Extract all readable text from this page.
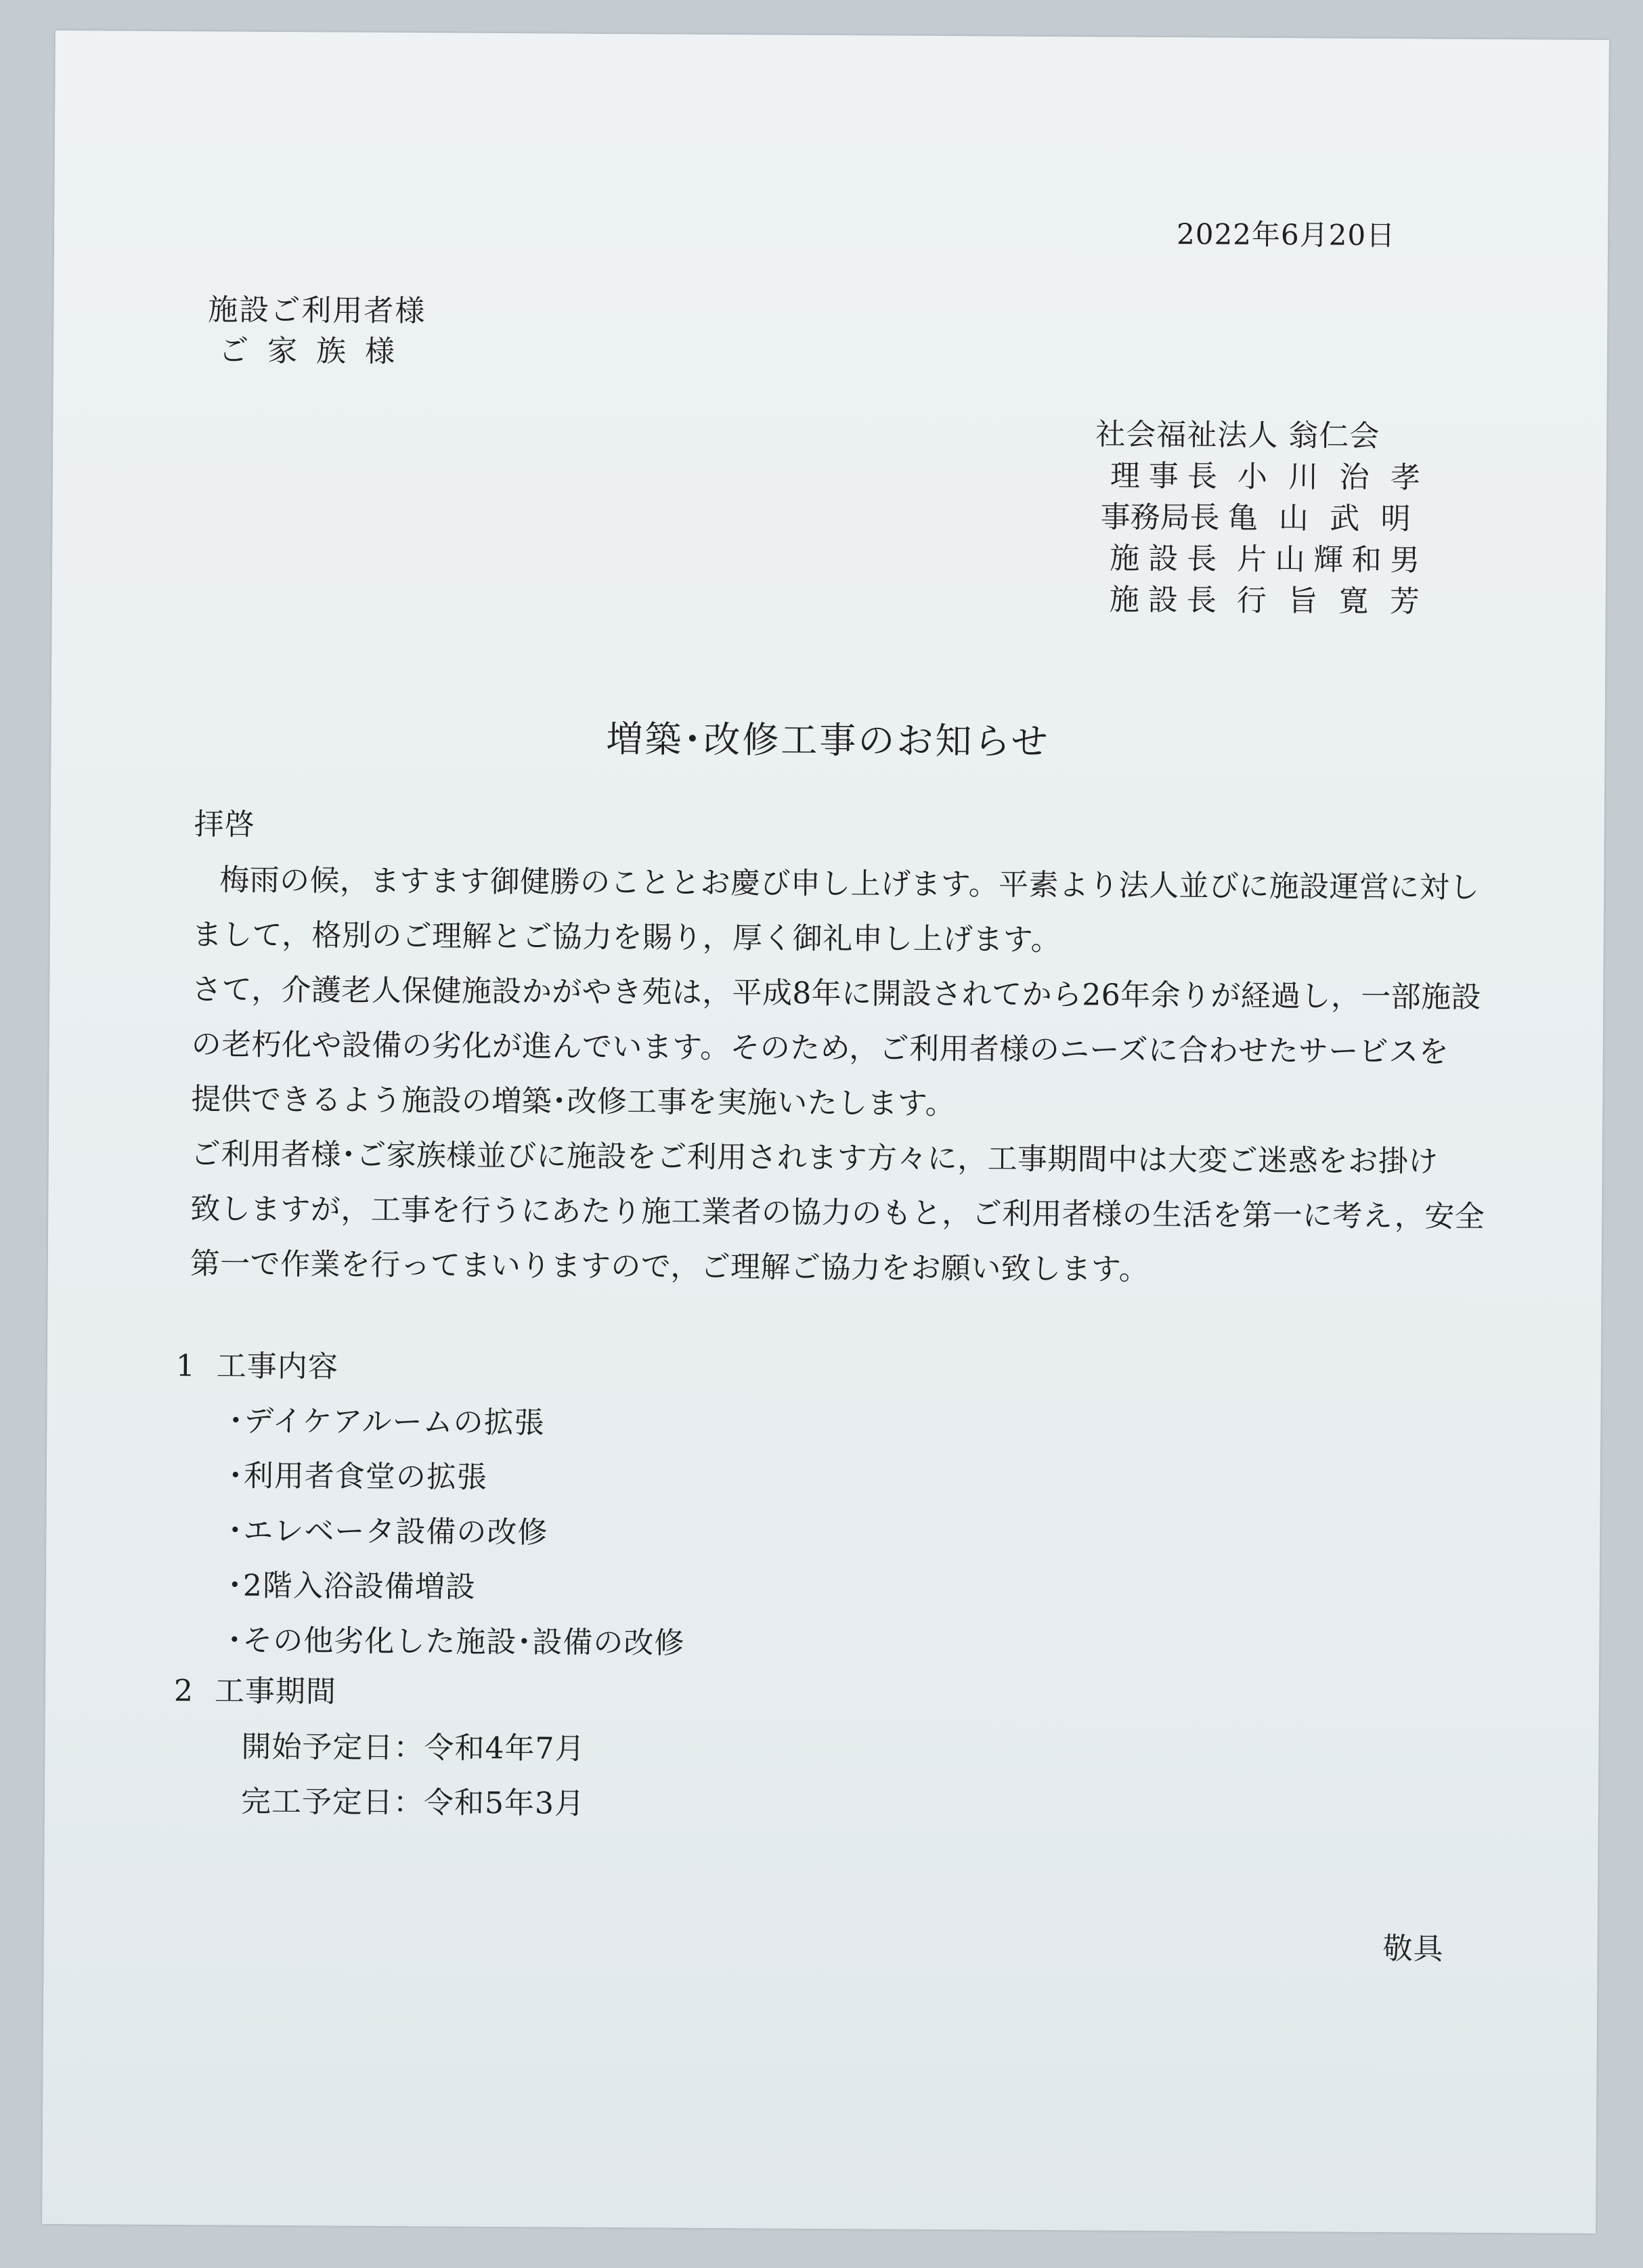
2022年6月20日
施設ご利用者様
ご家族様
社会福祉法人 翁仁会
理事長 小川治孝
事務局長 亀山武明
施設長 片山輝和男
施設長 行旨寛芳
増築･改修工事のお知らせ
拝啓
梅雨の候，ますます御健勝のこととお慶び申し上げます。平素より法人並びに施設運営に対し
まして，格別のご理解とご協力を賜り，厚く御礼申し上げます。
さて，介護老人保健施設かがやき苑は，平成8年に開設されてから26年余りが経過し，一部施設
の老朽化や設備の劣化が進んでいます。そのため，ご利用者様のニーズに合わせたサービスを
提供できるよう施設の増築･改修工事を実施いたします。
ご利用者様･ご家族様並びに施設をご利用されます方々に，工事期間中は大変ご迷惑をお掛け
致しますが，工事を行うにあたり施工業者の協力のもと，ご利用者様の生活を第一に考え，安全
第一で作業を行ってまいりますので，ご理解ご協力をお願い致します。
1 工事内容
･デイケアルームの拡張
･利用者食堂の拡張
･エレベータ設備の改修
･2階入浴設備増設
･その他劣化した施設･設備の改修
2 工事期間
開始予定日：令和4年7月
完工予定日：令和5年3月
敬具
